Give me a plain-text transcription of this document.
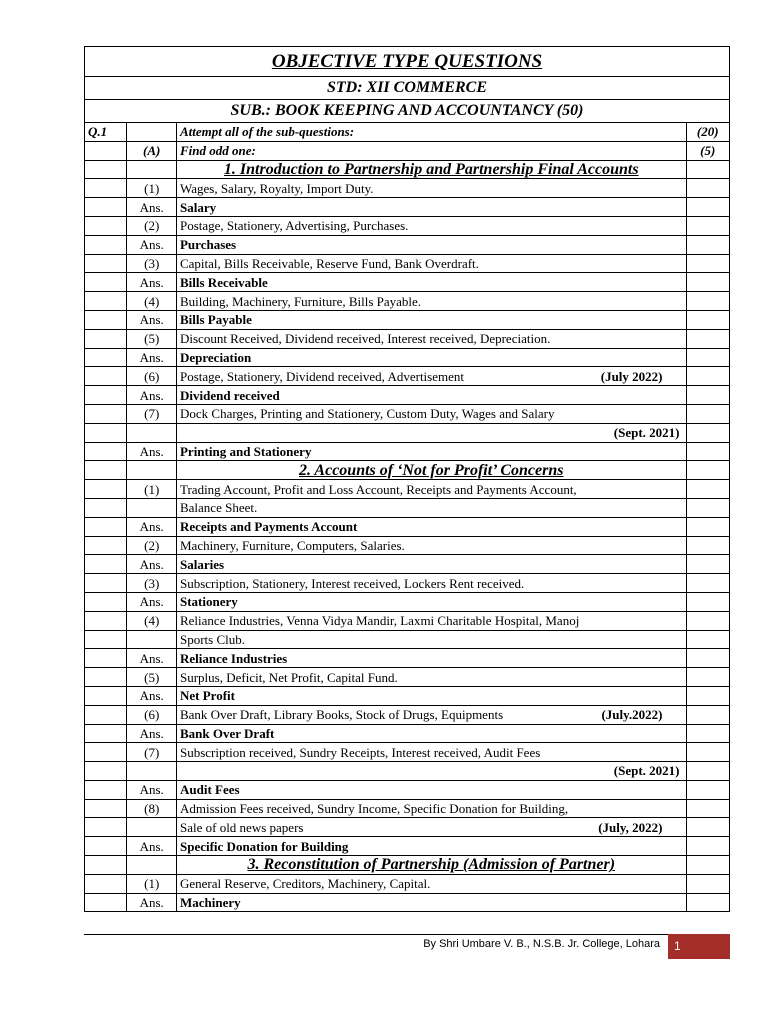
OBJECTIVE TYPE QUESTIONS
STD: XII COMMERCE
SUB.: BOOK KEEPING AND ACCOUNTANCY (50)
Q.1		Attempt all of the sub-questions:	(20)
	(A)	Find odd one:	(5)
		1. Introduction to Partnership and Partnership Final Accounts	
	(1)	Wages, Salary, Royalty, Import Duty.	
	Ans.	Salary	
	(2)	Postage, Stationery, Advertising, Purchases.	
	Ans.	Purchases	
	(3)	Capital, Bills Receivable, Reserve Fund, Bank Overdraft.	
	Ans.	Bills Receivable	
	(4)	Building, Machinery, Furniture, Bills Payable.	
	Ans.	Bills Payable	
	(5)	Discount Received, Dividend received, Interest received, Depreciation.	
	Ans.	Depreciation	
	(6)	Postage, Stationery, Dividend received, Advertisement (July 2022)	

	Ans.	Dividend received	
	(7)	Dock Charges, Printing and Stationery, Custom Duty, Wages and Salary	
		(Sept. 2021)	
	Ans.	Printing and Stationery	
		2. Accounts of ‘Not for Profit’ Concerns	
	(1)	Trading Account, Profit and Loss Account, Receipts and Payments Account,	
		Balance Sheet.	
	Ans.	Receipts and Payments Account	
	(2)	Machinery, Furniture, Computers, Salaries.	
	Ans.	Salaries	
	(3)	Subscription, Stationery, Interest received, Lockers Rent received.	
	Ans.	Stationery	
	(4)	Reliance Industries, Venna Vidya Mandir, Laxmi Charitable Hospital, Manoj	
		Sports Club.	
	Ans.	Reliance Industries	
	(5)	Surplus, Deficit, Net Profit, Capital Fund.	
	Ans.	Net Profit	
	(6)	Bank Over Draft, Library Books, Stock of Drugs, Equipments (July.2022)	

	Ans.	Bank Over Draft	
	(7)	Subscription received, Sundry Receipts, Interest received, Audit Fees	
		(Sept. 2021)	
	Ans.	Audit Fees	
	(8)	Admission Fees received, Sundry Income, Specific Donation for Building,	

		Sale of old news papers (July, 2022)	

	Ans.	Specific Donation for Building	
		3. Reconstitution of Partnership (Admission of Partner)	
	(1)	General Reserve, Creditors, Machinery, Capital.	
	Ans.	Machinery	
By Shri Umbare V. B., N.S.B. Jr. College, Lohara	1
